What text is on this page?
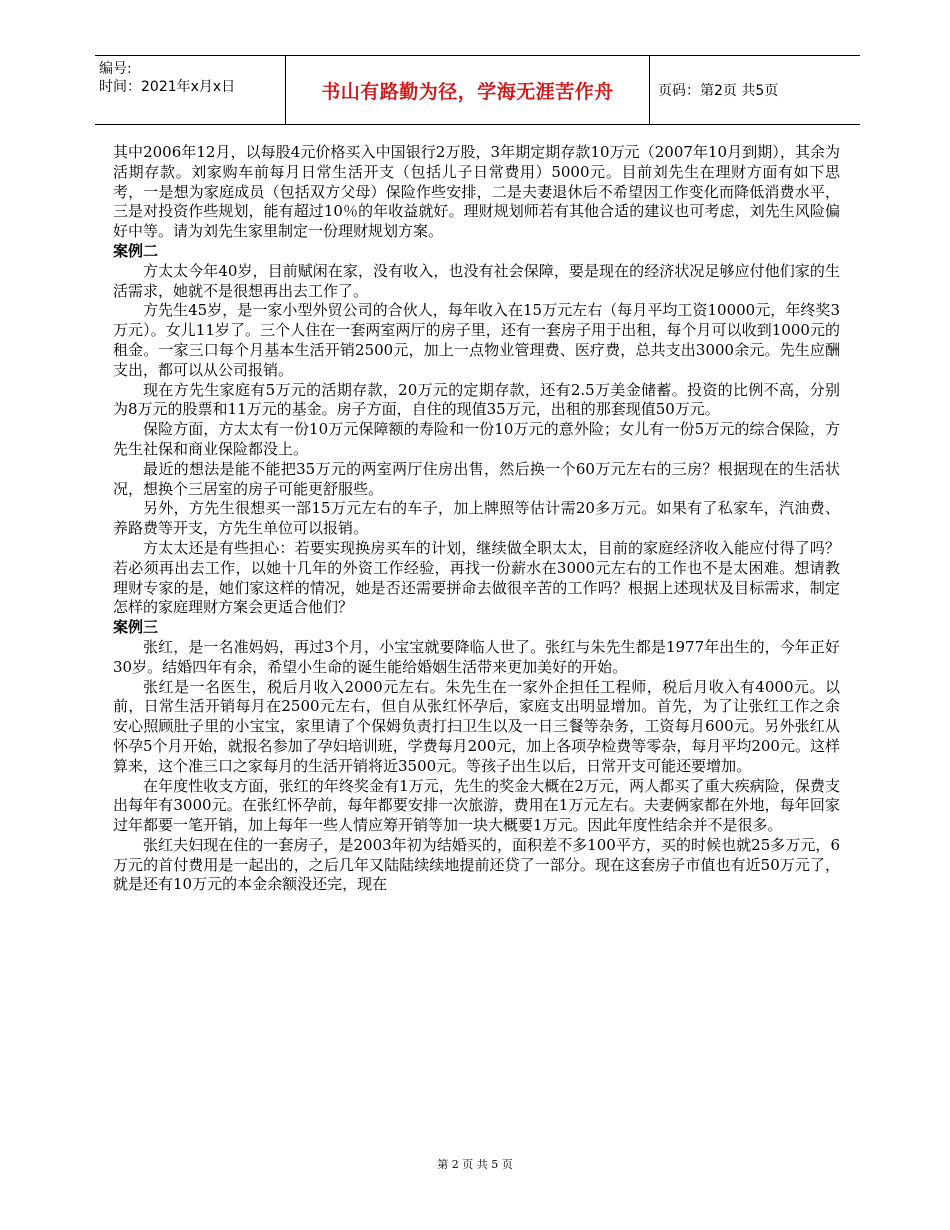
编号:
时间：2021年x月x日	书山有路勤为径，学海无涯苦作舟	页码：第2页 共5页

其中2006年12月，以每股4元价格买入中国银行2万股，3年期定期存款10万元（2007年10月到期），其余为活期存款。刘家购车前每月日常生活开支（包括儿子日常费用）5000元。目前刘先生在理财方面有如下思考，一是想为家庭成员（包括双方父母）保险作些安排，二是夫妻退休后不希望因工作变化而降低消费水平，三是对投资作些规划，能有超过10％的年收益就好。理财规划师若有其他合适的建议也可考虑，刘先生风险偏好中等。请为刘先生家里制定一份理财规划方案。

案例二

方太太今年40岁，目前赋闲在家，没有收入，也没有社会保障，要是现在的经济状况足够应付他们家的生活需求，她就不是很想再出去工作了。

方先生45岁，是一家小型外贸公司的合伙人，每年收入在15万元左右（每月平均工资10000元，年终奖3万元）。女儿11岁了。三个人住在一套两室两厅的房子里，还有一套房子用于出租，每个月可以收到1000元的租金。一家三口每个月基本生活开销2500元，加上一点物业管理费、医疗费，总共支出3000余元。先生应酬支出，都可以从公司报销。

现在方先生家庭有5万元的活期存款，20万元的定期存款，还有2.5万美金储蓄。投资的比例不高，分别为8万元的股票和11万元的基金。房子方面，自住的现值35万元，出租的那套现值50万元。

保险方面，方太太有一份10万元保障额的寿险和一份10万元的意外险；女儿有一份5万元的综合保险，方先生社保和商业保险都没上。

最近的想法是能不能把35万元的两室两厅住房出售，然后换一个60万元左右的三房？根据现在的生活状况，想换个三居室的房子可能更舒服些。

另外，方先生很想买一部15万元左右的车子，加上牌照等估计需20多万元。如果有了私家车，汽油费、养路费等开支，方先生单位可以报销。

方太太还是有些担心：若要实现换房买车的计划，继续做全职太太，目前的家庭经济收入能应付得了吗？若必须再出去工作，以她十几年的外资工作经验，再找一份薪水在3000元左右的工作也不是太困难。想请教理财专家的是，她们家这样的情况，她是否还需要拼命去做很辛苦的工作吗？根据上述现状及目标需求，制定怎样的家庭理财方案会更适合他们？

案例三

张红，是一名准妈妈，再过3个月，小宝宝就要降临人世了。张红与朱先生都是1977年出生的，今年正好30岁。结婚四年有余，希望小生命的诞生能给婚姻生活带来更加美好的开始。

张红是一名医生，税后月收入2000元左右。朱先生在一家外企担任工程师，税后月收入有4000元。以前，日常生活开销每月在2500元左右，但自从张红怀孕后，家庭支出明显增加。首先，为了让张红工作之余安心照顾肚子里的小宝宝，家里请了个保姆负责打扫卫生以及一日三餐等杂务，工资每月600元。另外张红从怀孕5个月开始，就报名参加了孕妇培训班，学费每月200元，加上各项孕检费等零杂，每月平均200元。这样算来，这个准三口之家每月的生活开销将近3500元。等孩子出生以后，日常开支可能还要增加。

在年度性收支方面，张红的年终奖金有1万元，先生的奖金大概在2万元，两人都买了重大疾病险，保费支出每年有3000元。在张红怀孕前，每年都要安排一次旅游，费用在1万元左右。夫妻俩家都在外地，每年回家过年都要一笔开销，加上每年一些人情应筹开销等加一块大概要1万元。因此年度性结余并不是很多。

张红夫妇现在住的一套房子，是2003年初为结婚买的，面积差不多100平方，买的时候也就25多万元，6万元的首付费用是一起出的，之后几年又陆陆续续地提前还贷了一部分。现在这套房子市值也有近50万元了，就是还有10万元的本金余额没还完，现在

第 2 页 共 5 页
